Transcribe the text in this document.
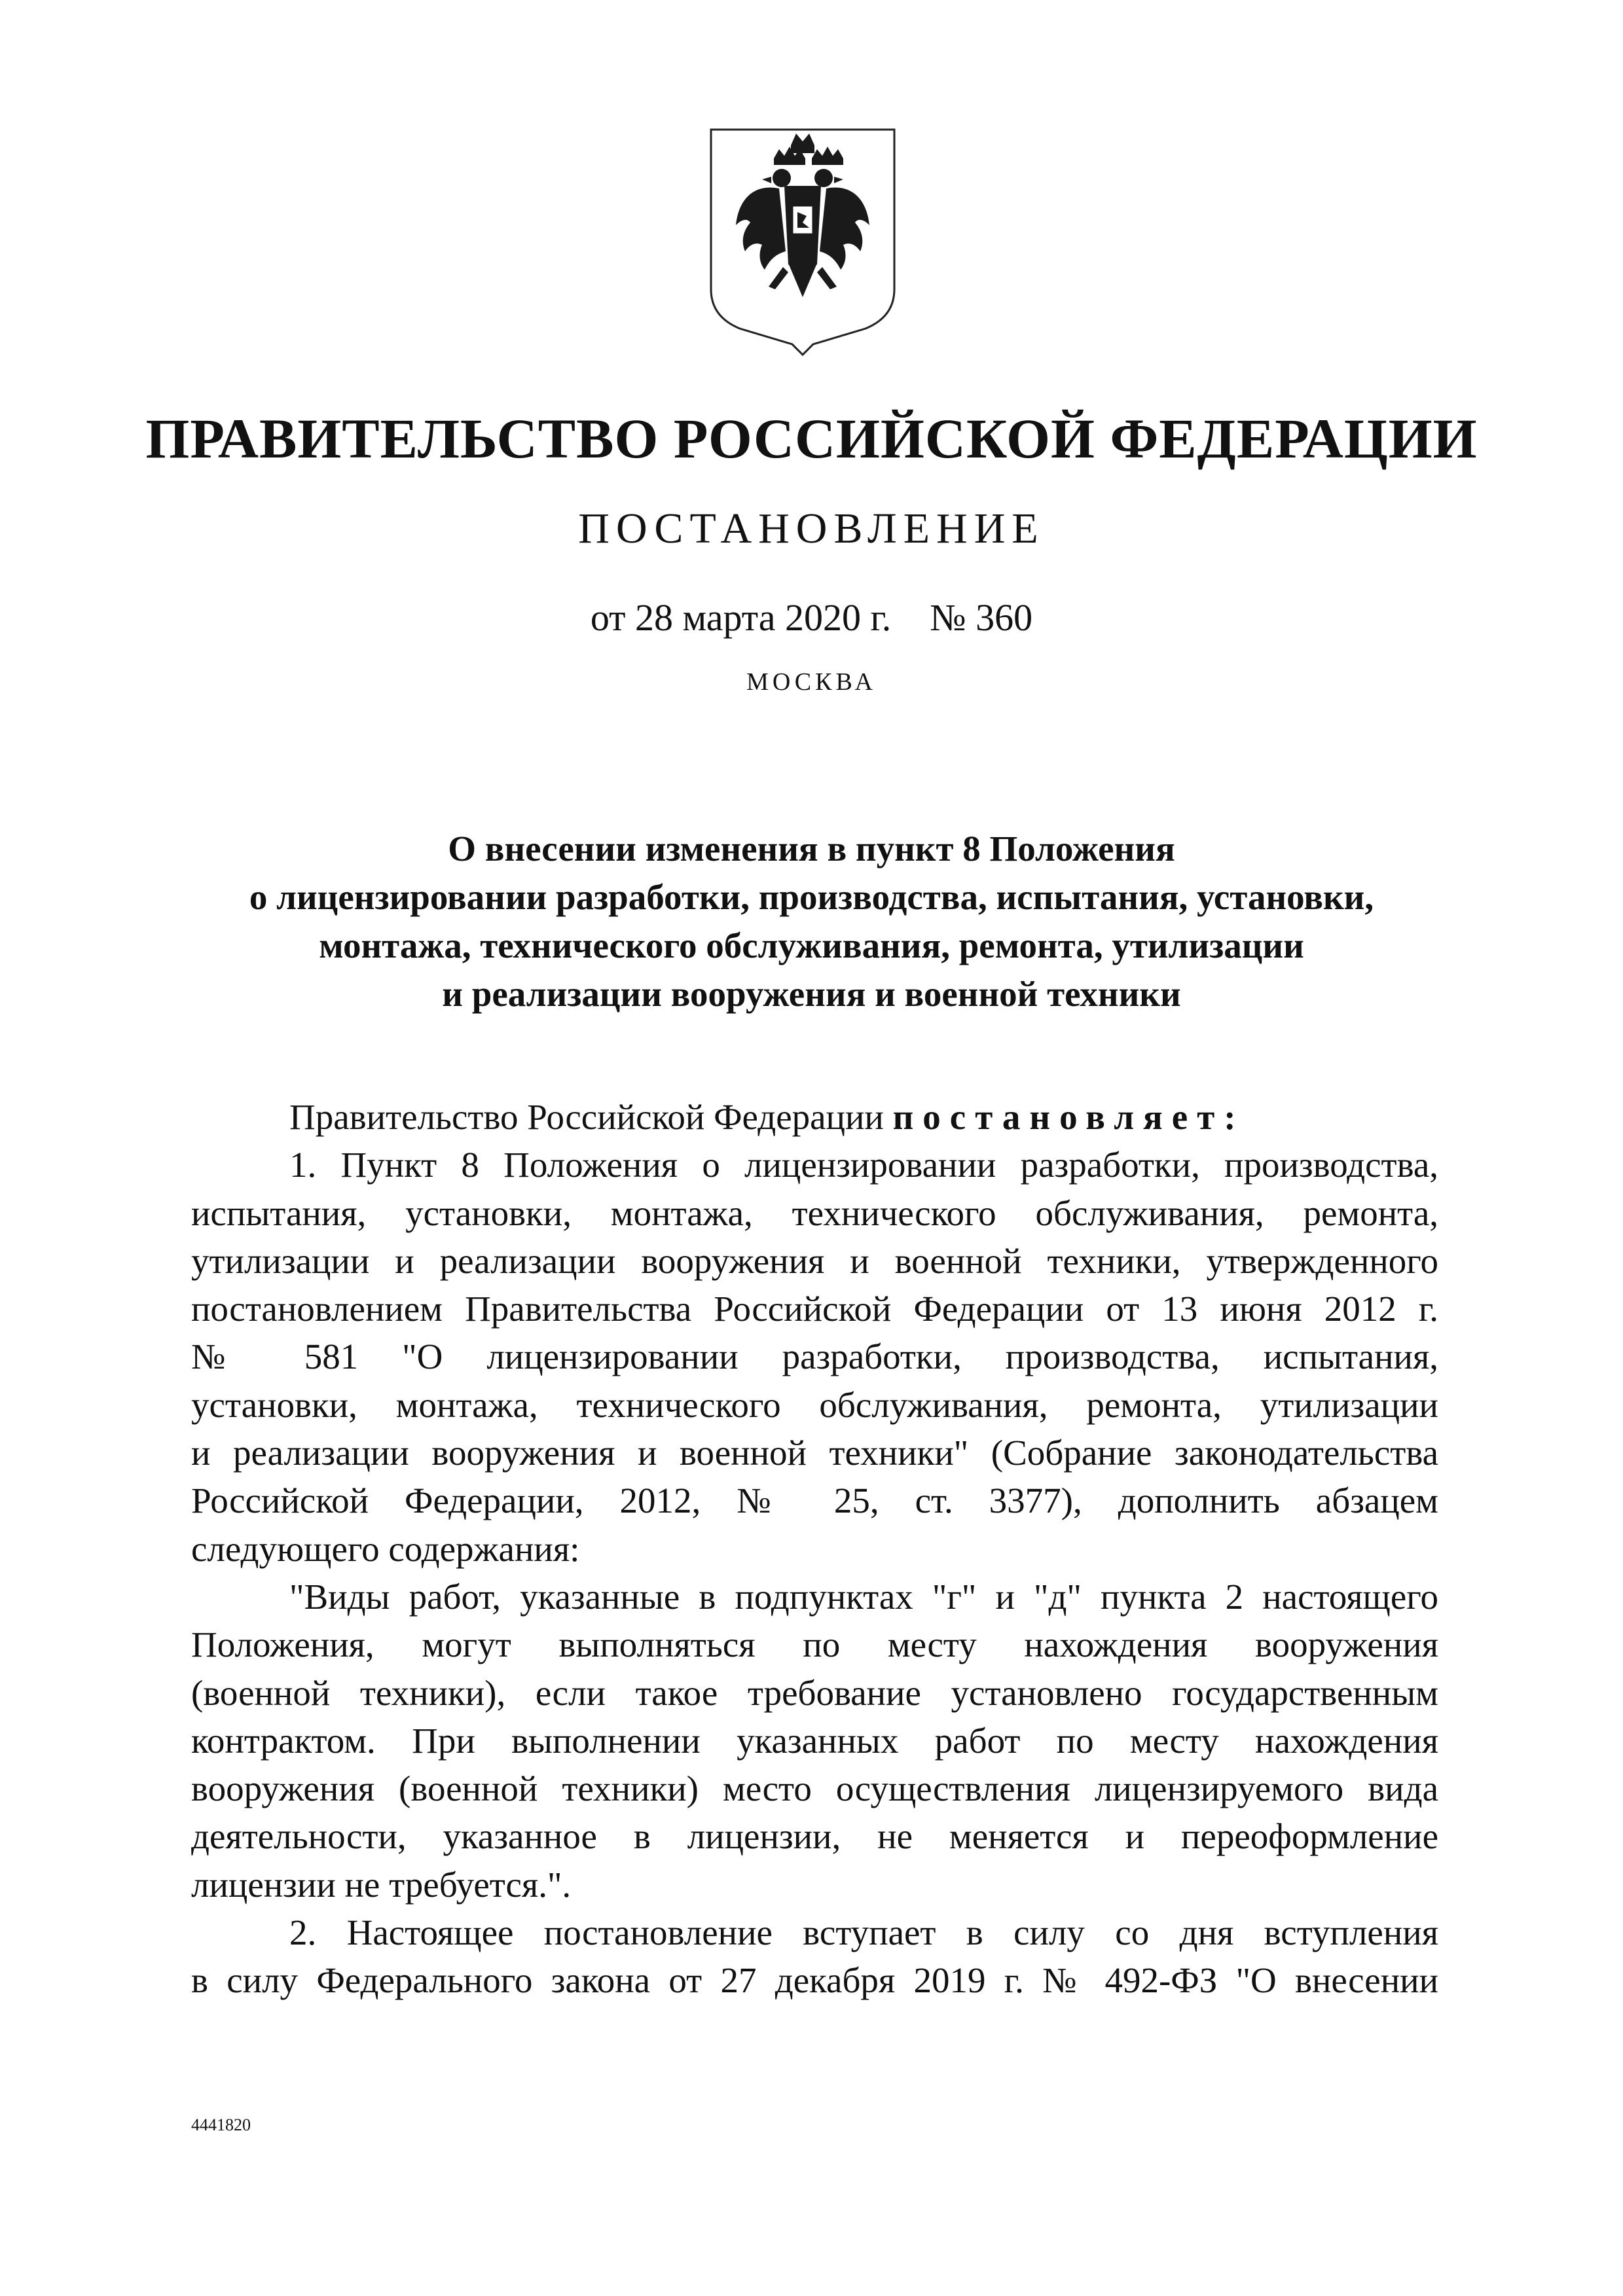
ПРАВИТЕЛЬСТВО РОССИЙСКОЙ ФЕДЕРАЦИИ
ПОСТАНОВЛЕНИЕ
от 28 марта 2020 г. № 360
МОСКВА
О внесении изменения в пункт 8 Положения
о лицензировании разработки, производства, испытания, установки,
монтажа, технического обслуживания, ремонта, утилизации
и реализации вооружения и военной техники
Правительство Российской Федерации постановляет:
1. Пункт 8 Положения о лицензировании разработки, производства,
испытания, установки, монтажа, технического обслуживания, ремонта,
утилизации и реализации вооружения и военной техники, утвержденного
постановлением Правительства Российской Федерации от 13 июня 2012 г.
№ 581 "О лицензировании разработки, производства, испытания,
установки, монтажа, технического обслуживания, ремонта, утилизации
и реализации вооружения и военной техники" (Собрание законодательства
Российской Федерации, 2012, № 25, ст. 3377), дополнить абзацем
следующего содержания:
"Виды работ, указанные в подпунктах "г" и "д" пункта 2 настоящего
Положения, могут выполняться по месту нахождения вооружения
(военной техники), если такое требование установлено государственным
контрактом. При выполнении указанных работ по месту нахождения
вооружения (военной техники) место осуществления лицензируемого вида
деятельности, указанное в лицензии, не меняется и переоформление
лицензии не требуется.".
2. Настоящее постановление вступает в силу со дня вступления
в силу Федерального закона от 27 декабря 2019 г. № 492-ФЗ "О внесении
4441820
